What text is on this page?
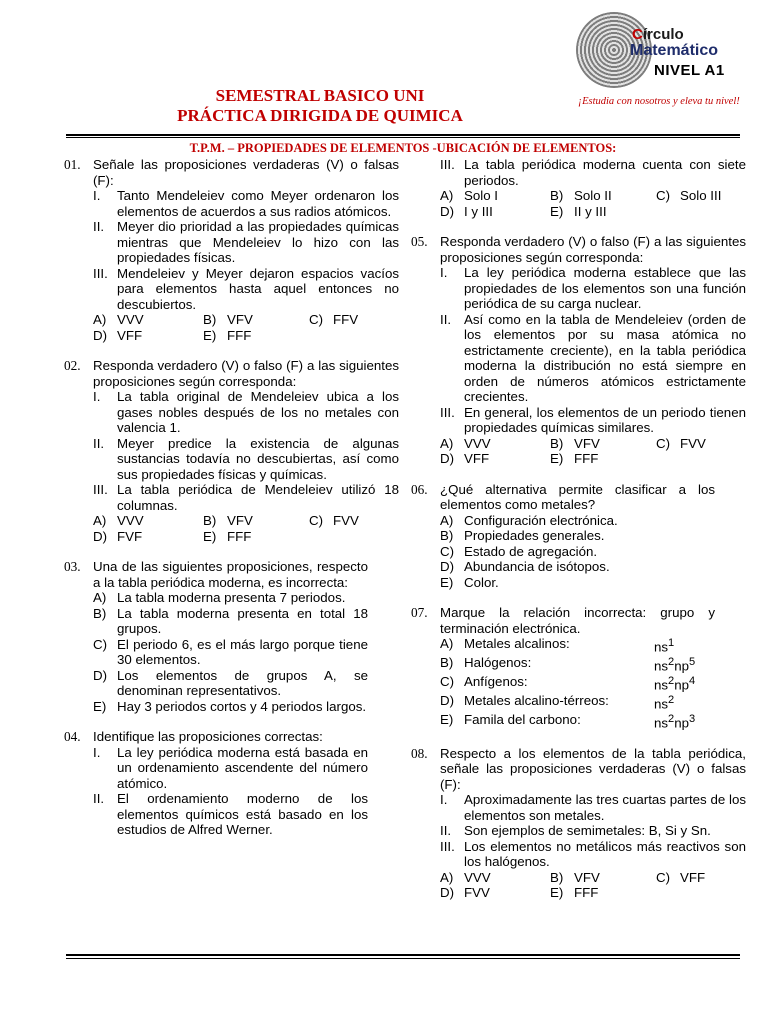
SEMESTRAL BASICO UNI
PRÁCTICA DIRIGIDA DE QUIMICA
Círculo
Matemático
NIVEL A1
¡Estudia con nosotros y eleva tu nivel!
T.P.M. – PROPIEDADES DE ELEMENTOS -UBICACIÓN DE ELEMENTOS:
01. Señale las proposiciones verdaderas (V) o falsas (F):
I.	Tanto Mendeleiev como Meyer ordenaron los elementos de acuerdos a sus radios atómicos.
II. Meyer dio prioridad a las propiedades químicas mientras que Mendeleiev lo hizo con las propiedades físicas.
III. Mendeleiev y Meyer dejaron espacios vacíos para elementos hasta aquel entonces no descubiertos.
A) VVV	B) VFV	C) FFV
D) VFF	E) FFF
02. Responda verdadero (V) o falso (F) a las siguientes proposiciones según corresponda:
I.	La tabla original de Mendeleiev ubica a los gases nobles después de los no metales con valencia 1.
II. Meyer predice la existencia de algunas sustancias todavía no descubiertas, así como sus propiedades físicas y químicas.
III. La tabla periódica de Mendeleiev utilizó 18 columnas.
A) VVV	B) VFV	C) FVV
D) FVF	E) FFF
03. Una de las siguientes proposiciones, respecto a la tabla periódica moderna, es incorrecta:
A) La tabla moderna presenta 7 periodos.
B) La tabla moderna presenta en total 18 grupos.
C) El periodo 6, es el más largo porque tiene 30 elementos.
D) Los elementos de grupos A, se denominan representativos.
E) Hay 3 periodos cortos y 4 periodos largos.
04. Identifique las proposiciones correctas:
I.	La ley periódica moderna está basada en un ordenamiento ascendente del número atómico.
II. El ordenamiento moderno de los elementos químicos está basado en los estudios de Alfred Werner.
III. La tabla periódica moderna cuenta con siete periodos.
A) Solo I	B) Solo II	C) Solo III
D) I y III	E) II y III
05. Responda verdadero (V) o falso (F) a las siguientes proposiciones según corresponda:
I.	La ley periódica moderna establece que las propiedades de los elementos son una función periódica de su carga nuclear.
II. Así como en la tabla de Mendeleiev (orden de los elementos por su masa atómica no estrictamente creciente), en la tabla periódica moderna la distribución no está siempre en orden de números atómicos estrictamente crecientes.
III. En general, los elementos de un periodo tienen propiedades químicas similares.
A) VVV	B) VFV	C) FVV
D) VFF	E) FFF
06. ¿Qué alternativa permite clasificar a los elementos como metales?
A) Configuración electrónica.
B) Propiedades generales.
C) Estado de agregación.
D) Abundancia de isótopos.
E) Color.
07. Marque la relación incorrecta: grupo y terminación electrónica.
A) Metales alcalinos:	$ns^1$
B) Halógenos:	$ns^2np^5$
C) Anfígenos:	$ns^2np^4$
D) Metales alcalino-térreos:	$ns^2$
E) Famila del carbono:	$ns^2np^3$
08. Respecto a los elementos de la tabla periódica, señale las proposiciones verdaderas (V) o falsas (F):
I.	Aproximadamente las tres cuartas partes de los elementos son metales.
II. Son ejemplos de semimetales: B, Si y Sn.
III. Los elementos no metálicos más reactivos son los halógenos.
A) VVV	B) VFV	C) VFF
D) FVV	E) FFF
